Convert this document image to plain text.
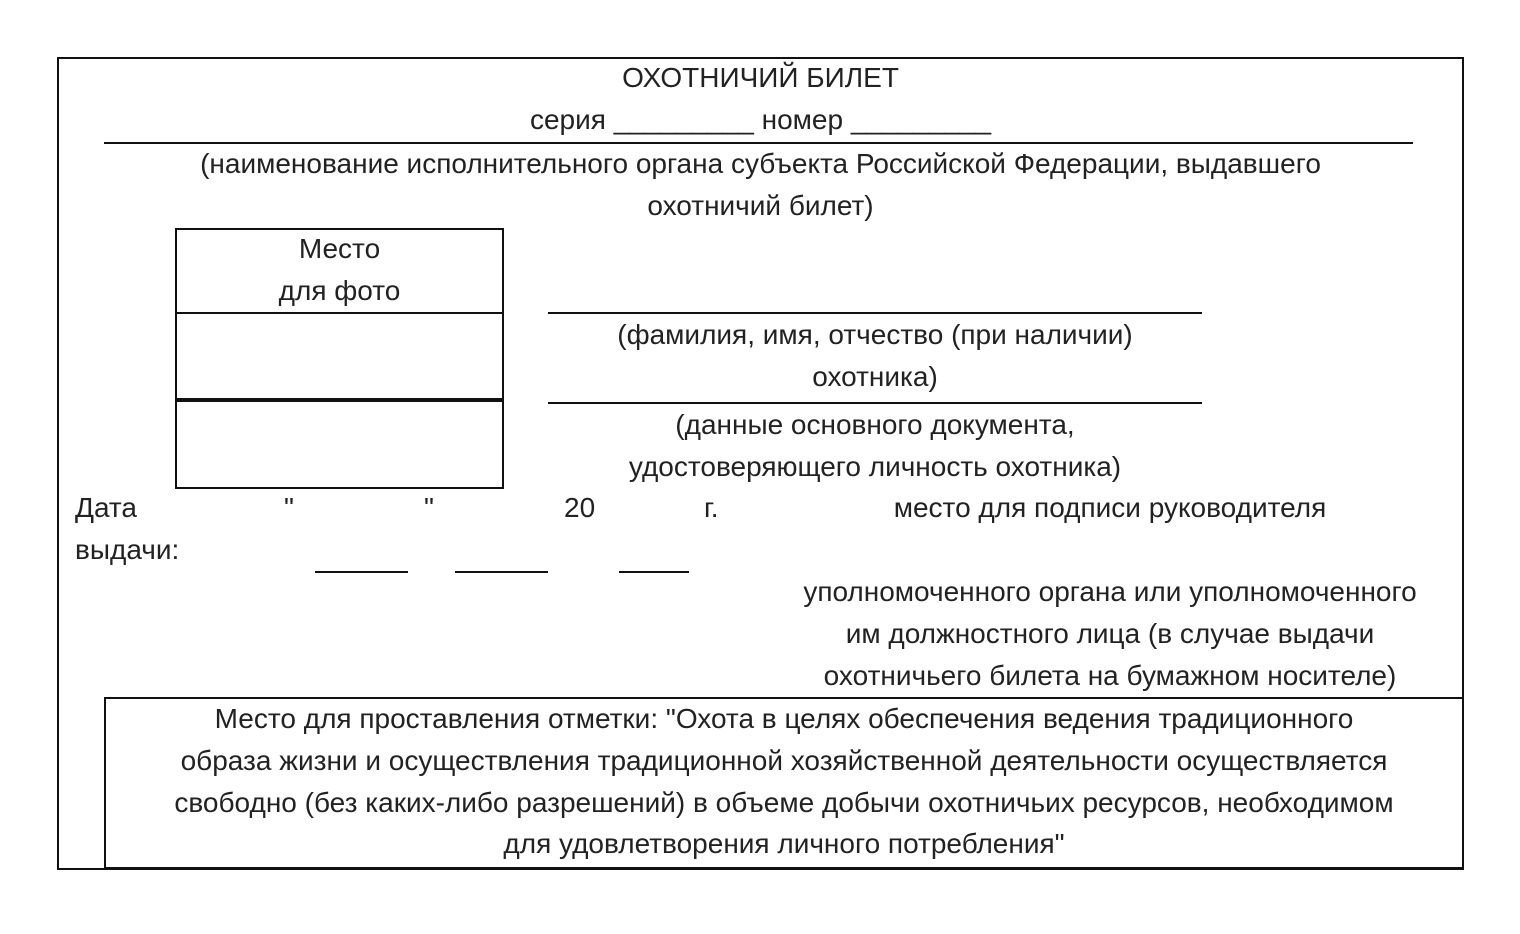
ОХОТНИЧИЙ БИЛЕТ
серия _________ номер _________
(наименование исполнительного органа субъекта Российской Федерации, выдавшего
охотничий билет)
Место
для фото
(фамилия, имя, отчество (при наличии)
охотника)
(данные основного документа,
удостоверяющего личность охотника)
Дата
выдачи:
"	"	20	г.	место для подписи руководителя
уполномоченного органа или уполномоченного
им должностного лица (в случае выдачи
охотничьего билета на бумажном носителе)
Место для проставления отметки: "Охота в целях обеспечения ведения традиционного
образа жизни и осуществления традиционной хозяйственной деятельности осуществляется
свободно (без каких-либо разрешений) в объеме добычи охотничьих ресурсов, необходимом
для удовлетворения личного потребления"
